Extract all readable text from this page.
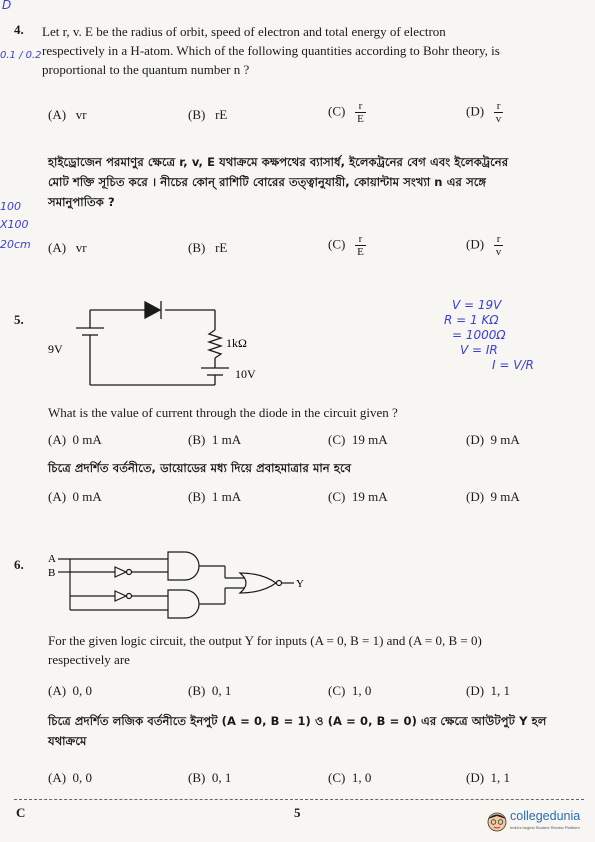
4. Let r, v. E be the radius of orbit, speed of electron and total energy of electron
respectively in a H-atom. Which of the following quantities according to Bohr theory, is
proportional to the quantum number n ?
(A) vr	(B) rE	$(C) \frac{r}{E}$	$(D) \frac{r}{v}$
হাইড্রোজেন পরমাণুর ক্ষেত্রে r, v, E যথাক্রমে কক্ষপথের ব্যাসার্ধ, ইলেকট্রনের বেগ এবং ইলেকট্রনের
মোট শক্তি সূচিত করে । নীচের কোন্ রাশিটি বোরের তত্ত্বানুযায়ী, কোয়ান্টাম সংখ্যা n এর সঙ্গে
সমানুপাতিক ?
(A) vr	(B) rE	$(C) \frac{r}{E}$	$(D) \frac{r}{v}$
D
0.1 / 0.2
100
X100
20cm
5.
9V	1kΩ
10V
V = 19V
R = 1 KΩ
= 1000Ω
V = IR
I = V/R
What is the value of current through the diode in the circuit given ?
(A) 0 mA	(B) 1 mA	(C) 19 mA	(D) 9 mA
চিত্রে প্রদর্শিত বর্তনীতে, ডায়োডের মধ্য দিয়ে প্রবাহমাত্রার মান হবে
(A) 0 mA	(B) 1 mA	(C) 19 mA	(D) 9 mA
6. A
B
Y
For the given logic circuit, the output Y for inputs (A = 0, B = 1) and (A = 0, B = 0)
respectively are
(A) 0, 0	(B) 0, 1	(C) 1, 0	(D) 1, 1
চিত্রে প্রদর্শিত লজিক বর্তনীতে ইনপুট (A = 0, B = 1) ও (A = 0, B = 0) এর ক্ষেত্রে আউটপুট Y হল
যথাক্রমে
(A) 0, 0	(B) 0, 1	(C) 1, 0	(D) 1, 1
C	5	collegedunia
India's largest Student Review Platform
